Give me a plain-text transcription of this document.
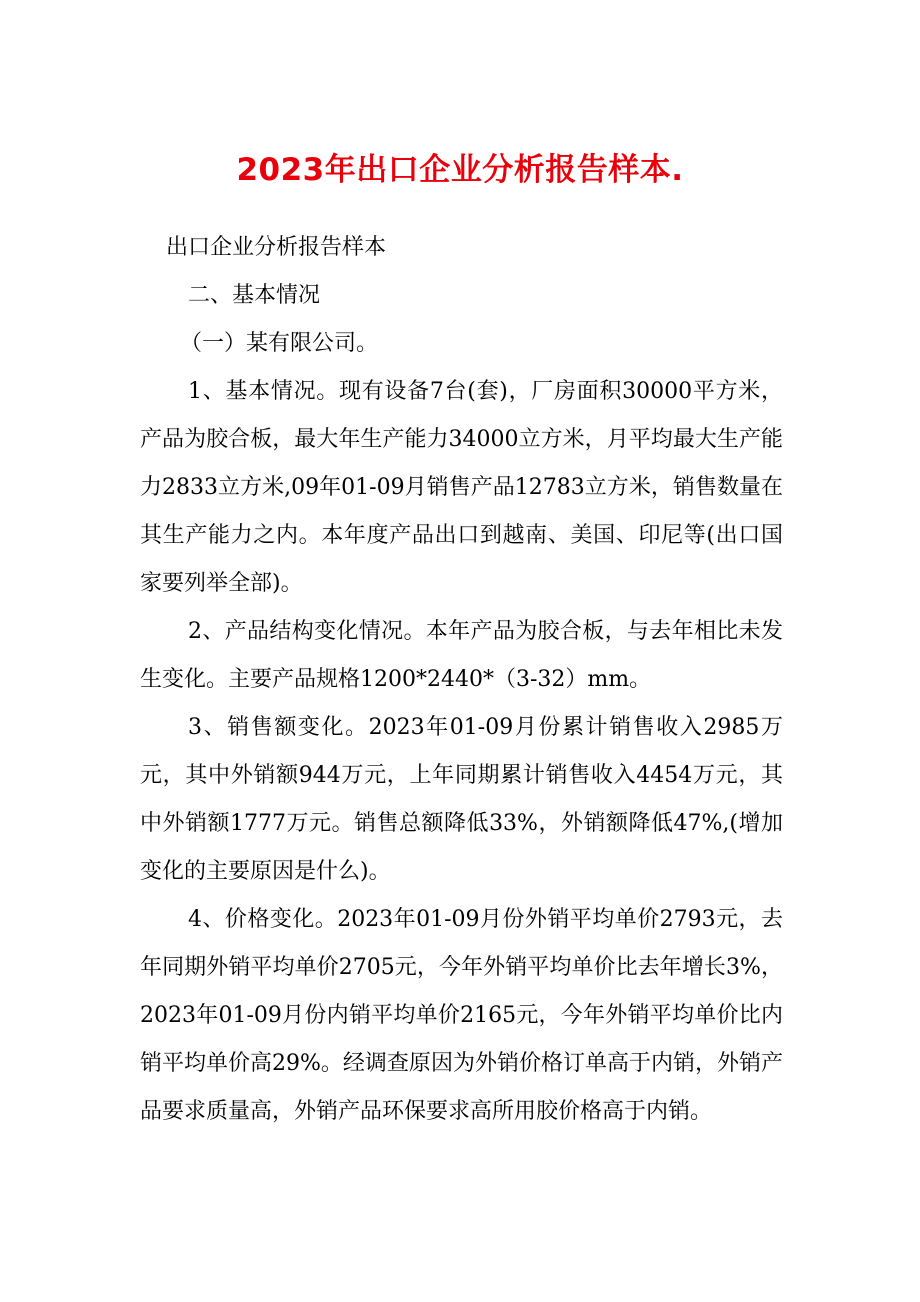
2023年出口企业分析报告样本.

出口企业分析报告样本

二、基本情况

（一）某有限公司。

1、基本情况。现有设备7台(套)，厂房面积30000平方米，产品为胶合板，最大年生产能力34000立方米，月平均最大生产能力2833立方米,09年01-09月销售产品12783立方米，销售数量在其生产能力之内。本年度产品出口到越南、美国、印尼等(出口国家要列举全部)。

2、产品结构变化情况。本年产品为胶合板，与去年相比未发生变化。主要产品规格1200*2440*（3-32）mm。

3、销售额变化。2023年01-09月份累计销售收入2985万元，其中外销额944万元，上年同期累计销售收入4454万元，其中外销额1777万元。销售总额降低33%，外销额降低47%,(增加变化的主要原因是什么)。

4、价格变化。2023年01-09月份外销平均单价2793元，去年同期外销平均单价2705元，今年外销平均单价比去年增长3%，2023年01-09月份内销平均单价2165元，今年外销平均单价比内销平均单价高29%。经调查原因为外销价格订单高于内销，外销产品要求质量高，外销产品环保要求高所用胶价格高于内销。
